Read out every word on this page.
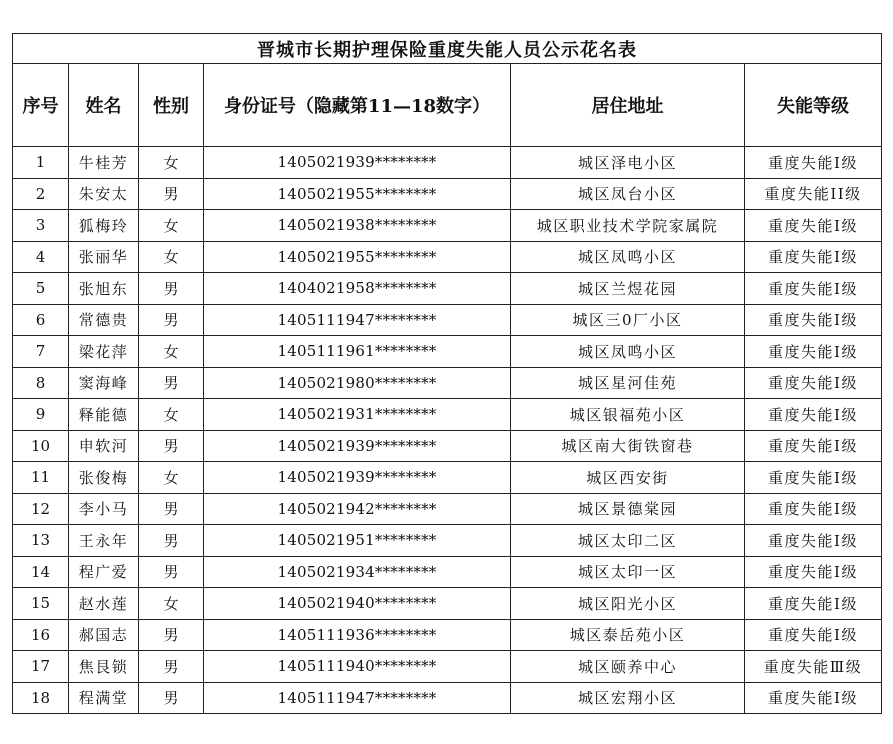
晋城市长期护理保险重度失能人员公示花名表					
序号	姓名	性别	身份证号（隐藏第11—18数字）	居住地址	失能等级
1	牛桂芳	女	1405021939********	城区泽电小区	重度失能Ⅰ级
2	朱安太	男	1405021955********	城区凤台小区	重度失能II级
3	狐梅玲	女	1405021938********	城区职业技术学院家属院	重度失能Ⅰ级
4	张丽华	女	1405021955********	城区凤鸣小区	重度失能Ⅰ级
5	张旭东	男	1404021958********	城区兰煜花园	重度失能Ⅰ级
6	常德贵	男	1405111947********	城区三0厂小区	重度失能Ⅰ级
7	梁花萍	女	1405111961********	城区凤鸣小区	重度失能Ⅰ级
8	窦海峰	男	1405021980********	城区星河佳苑	重度失能Ⅰ级
9	释能德	女	1405021931********	城区银福苑小区	重度失能Ⅰ级
10	申软河	男	1405021939********	城区南大街铁窗巷	重度失能Ⅰ级
11	张俊梅	女	1405021939********	城区西安街	重度失能Ⅰ级
12	李小马	男	1405021942********	城区景德棠园	重度失能Ⅰ级
13	王永年	男	1405021951********	城区太印二区	重度失能Ⅰ级
14	程广爱	男	1405021934********	城区太印一区	重度失能Ⅰ级
15	赵水莲	女	1405021940********	城区阳光小区	重度失能Ⅰ级
16	郝国志	男	1405111936********	城区泰岳苑小区	重度失能Ⅰ级
17	焦艮锁	男	1405111940********	城区颐养中心	重度失能Ⅲ级
18	程满堂	男	1405111947********	城区宏翔小区	重度失能Ⅰ级
